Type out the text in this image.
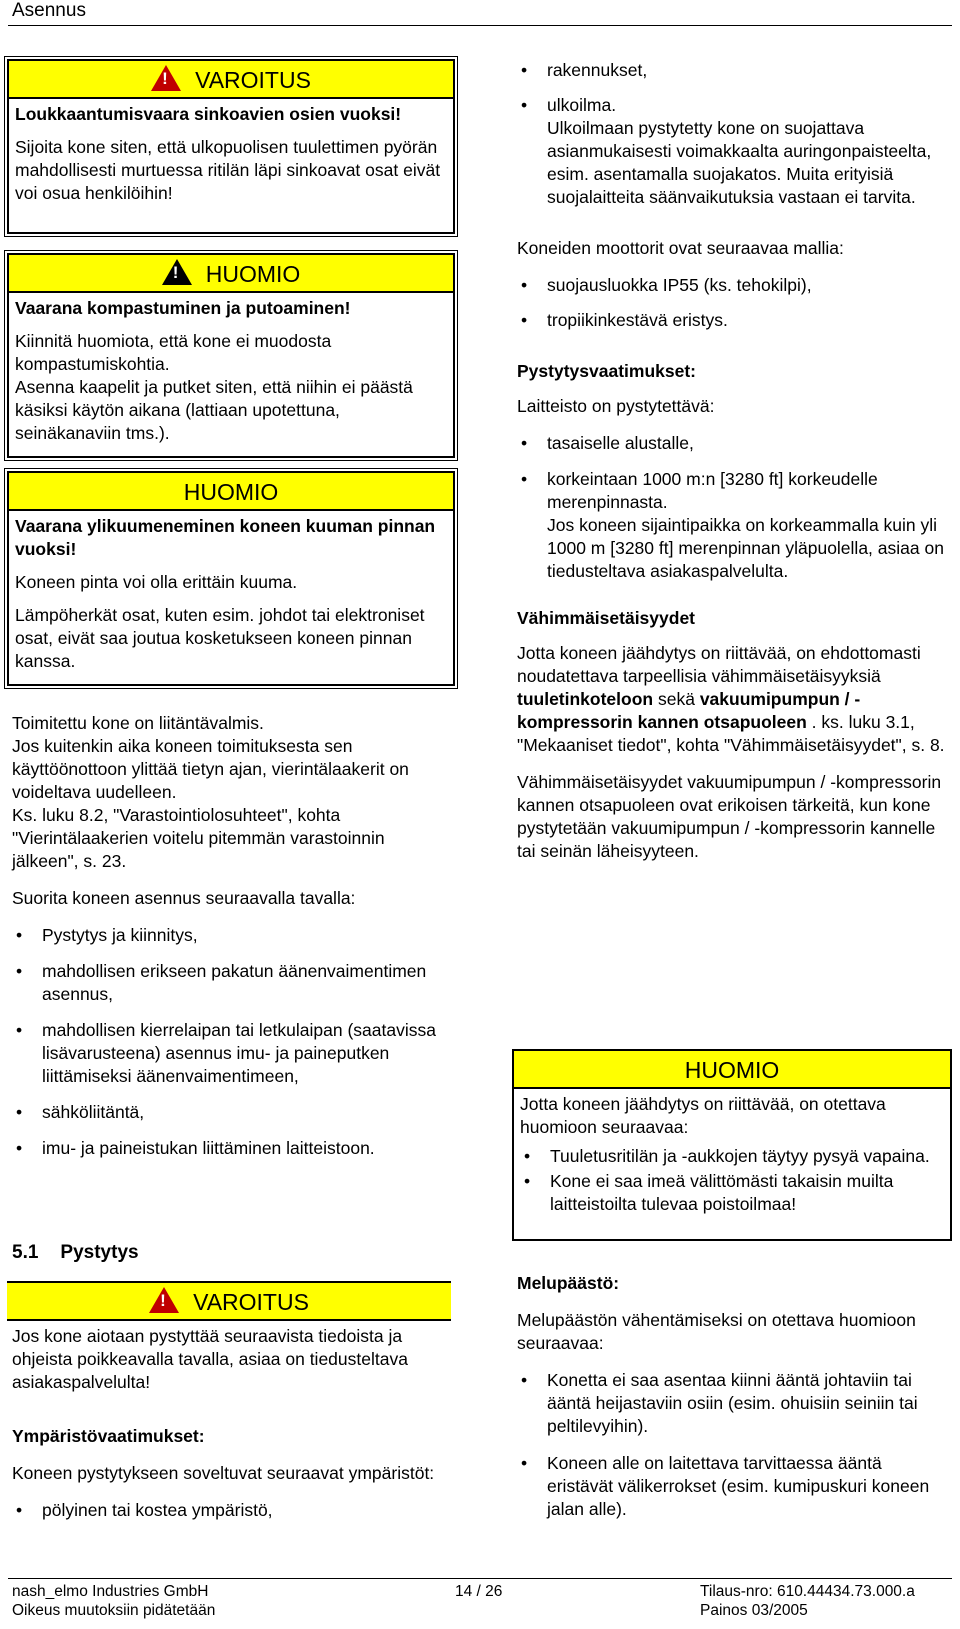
Asennus
!VAROITUS

Loukkaantumisvaara sinkoavien osien vuoksi!

Sijoita kone siten, että ulkopuolisen tuulettimen pyörän mahdollisesti murtuessa ritilän läpi sinkoavat osat eivät voi osua henkilöihin!

!HUOMIO

Vaarana kompastuminen ja putoaminen!

Kiinnitä huomiota, että kone ei muodosta kompastumiskohtia.

Asenna kaapelit ja putket siten, että niihin ei päästä käsiksi käytön aikana (lattiaan upotettuna, seinäkanaviin tms.).

HUOMIO

Vaarana ylikuumeneminen koneen kuuman pinnan vuoksi!

Koneen pinta voi olla erittäin kuuma.

Lämpöherkät osat, kuten esim. johdot tai elektroniset osat, eivät saa joutua kosketukseen koneen pinnan kanssa.

Toimitettu kone on liitäntävalmis.

Jos kuitenkin aika koneen toimituksesta sen käyttöönottoon ylittää tietyn ajan, vierintälaakerit on voideltava uudelleen.

Ks. luku 8.2, "Varastointiolosuhteet", kohta "Vierintälaakerien voitelu pitemmän varastoinnin jälkeen", s. 23.

Suorita koneen asennus seuraavalla tavalla:

• Pystytys ja kiinnitys,

• mahdollisen erikseen pakatun äänenvaimentimen asennus,

• mahdollisen kierrelaipan tai letkulaipan (saatavissa lisävarusteena) asennus imu- ja paineputken liittämiseksi äänenvaimentimeen,

• sähköliitäntä,

• imu- ja paineistukan liittäminen laitteistoon.

5.1 Pystytys
!VAROITUS

Jos kone aiotaan pystyttää seuraavista tiedoista ja ohjeista poikkeavalla tavalla, asiaa on tiedusteltava asiakaspalvelulta!

Ympäristövaatimukset:

Koneen pystytykseen soveltuvat seuraavat ympäristöt:

• pölyinen tai kostea ympäristö,

• rakennukset,

• ulkoilma.

Ulkoilmaan pystytetty kone on suojattava asianmukaisesti voimakkaalta auringonpaisteelta, esim. asentamalla suojakatos. Muita erityisiä suojalaitteita säänvaikutuksia vastaan ei tarvita.

Koneiden moottorit ovat seuraavaa mallia:

• suojausluokka IP55 (ks. tehokilpi),

• tropiikinkestävä eristys.

Pystytysvaatimukset:

Laitteisto on pystytettävä:

• tasaiselle alustalle,

• korkeintaan 1000 m:n [3280 ft] korkeudelle merenpinnasta.

Jos koneen sijaintipaikka on korkeammalla kuin yli 1000 m [3280 ft] merenpinnan yläpuolella, asiaa on tiedusteltava asiakaspalvelulta.

Vähimmäisetäisyydet

Jotta koneen jäähdytys on riittävää, on ehdottomasti noudatettava tarpeellisia vähimmäisetäisyyksiä tuuletinkoteloon sekä vakuumipumpun / -kompressorin kannen otsapuoleen . ks. luku 3.1, "Mekaaniset tiedot", kohta "Vähimmäisetäisyydet", s. 8.

Vähimmäisetäisyydet vakuumipumpun / -kompressorin kannen otsapuoleen ovat erikoisen tärkeitä, kun kone pystytetään vakuumipumpun / -kompressorin kannelle tai seinän läheisyyteen.

HUOMIO

Jotta koneen jäähdytys on riittävää, on otettava huomioon seuraavaa:

• Tuuletusritilän ja -aukkojen täytyy pysyä vapaina.

• Kone ei saa imeä välittömästi takaisin muilta laitteistoilta tulevaa poistoilmaa!

Melupäästö:

Melupäästön vähentämiseksi on otettava huomioon seuraavaa:

• Konetta ei saa asentaa kiinni ääntä johtaviin tai ääntä heijastaviin osiin (esim. ohuisiin seiniin tai peltilevyihin).

• Koneen alle on laitettava tarvittaessa ääntä eristävät välikerrokset (esim. kumipuskuri koneen jalan alle).

nash_elmo Industries GmbH
Oikeus muutoksiin pidätetään
14 / 26	Tilaus-nro: 610.44434.73.000.a
Painos 03/2005
